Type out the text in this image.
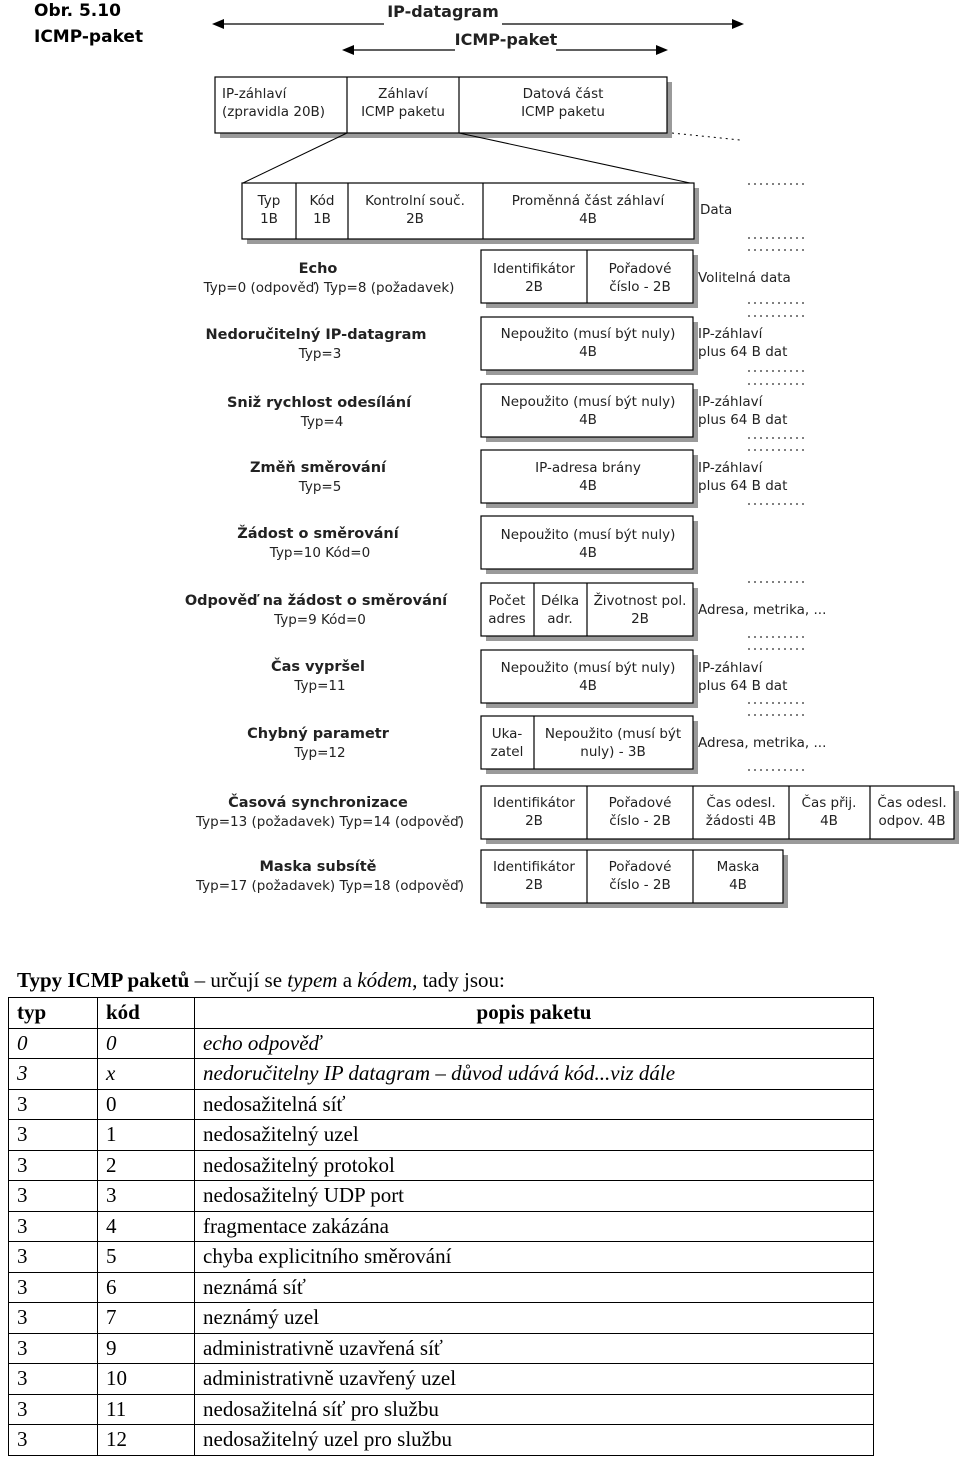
Obr. 5.10
ICMP-paket
IP-datagram
ICMP-paket
IP-záhlaví
(zpravidla 20B)
Záhlaví
ICMP paketu
Datová část
ICMP paketu
Typ
1B
Kód
1B
Kontrolní souč.
2B
Proměnná část záhlaví
4B
Data
Echo
Typ=0 (odpověď) Typ=8 (požadavek)
Nedoručitelný IP-datagram
Typ=3
Sniž rychlost odesílání
Typ=4
Změň směrování
Typ=5
Žádost o směrování
Typ=10 Kód=0
Odpověď na žádost o směrování
Typ=9 Kód=0
Čas vypršel
Typ=11
Chybný parametr
Typ=12
Časová synchronizace
Typ=13 (požadavek) Typ=14 (odpověď)
Maska subsítě
Typ=17 (požadavek) Typ=18 (odpověď)
Identifikátor
2B
Pořadové
číslo - 2B
Volitelná data
Nepoužito (musí být nuly)
4B
IP-záhlaví
plus 64 B dat
Nepoužito (musí být nuly)
4B
IP-záhlaví
plus 64 B dat
IP-adresa brány
4B
IP-záhlaví
plus 64 B dat
Nepoužito (musí být nuly)
4B
Počet
adres
Délka
adr.
Životnost pol.
2B
Adresa, metrika, ...
Nepoužito (musí být nuly)
4B
IP-záhlaví
plus 64 B dat
Uka-
zatel
Nepoužito (musí být
nuly) - 3B
Adresa, metrika, ...
Identifikátor
2B
Pořadové
číslo - 2B
Čas odesl.
žádosti 4B
Čas přij.
4B
Čas odesl.
odpov. 4B
Identifikátor
2B
Pořadové
číslo - 2B
Maska
4B
Typy ICMP paketů – určují se typem a kódem, tady jsou:
typ	kód	popis paketu
0	0	echo odpověď
3	x	nedoručitelny IP datagram – důvod udává kód...viz dále
3	0	nedosažitelná síť
3	1	nedosažitelný uzel
3	2	nedosažitelný protokol
3	3	nedosažitelný UDP port
3	4	fragmentace zakázána
3	5	chyba explicitního směrování
3	6	neznámá síť
3	7	neznámý uzel
3	9	administrativně uzavřená síť
3	10	administrativně uzavřený uzel
3	11	nedosažitelná síť pro službu
3	12	nedosažitelný uzel pro službu
